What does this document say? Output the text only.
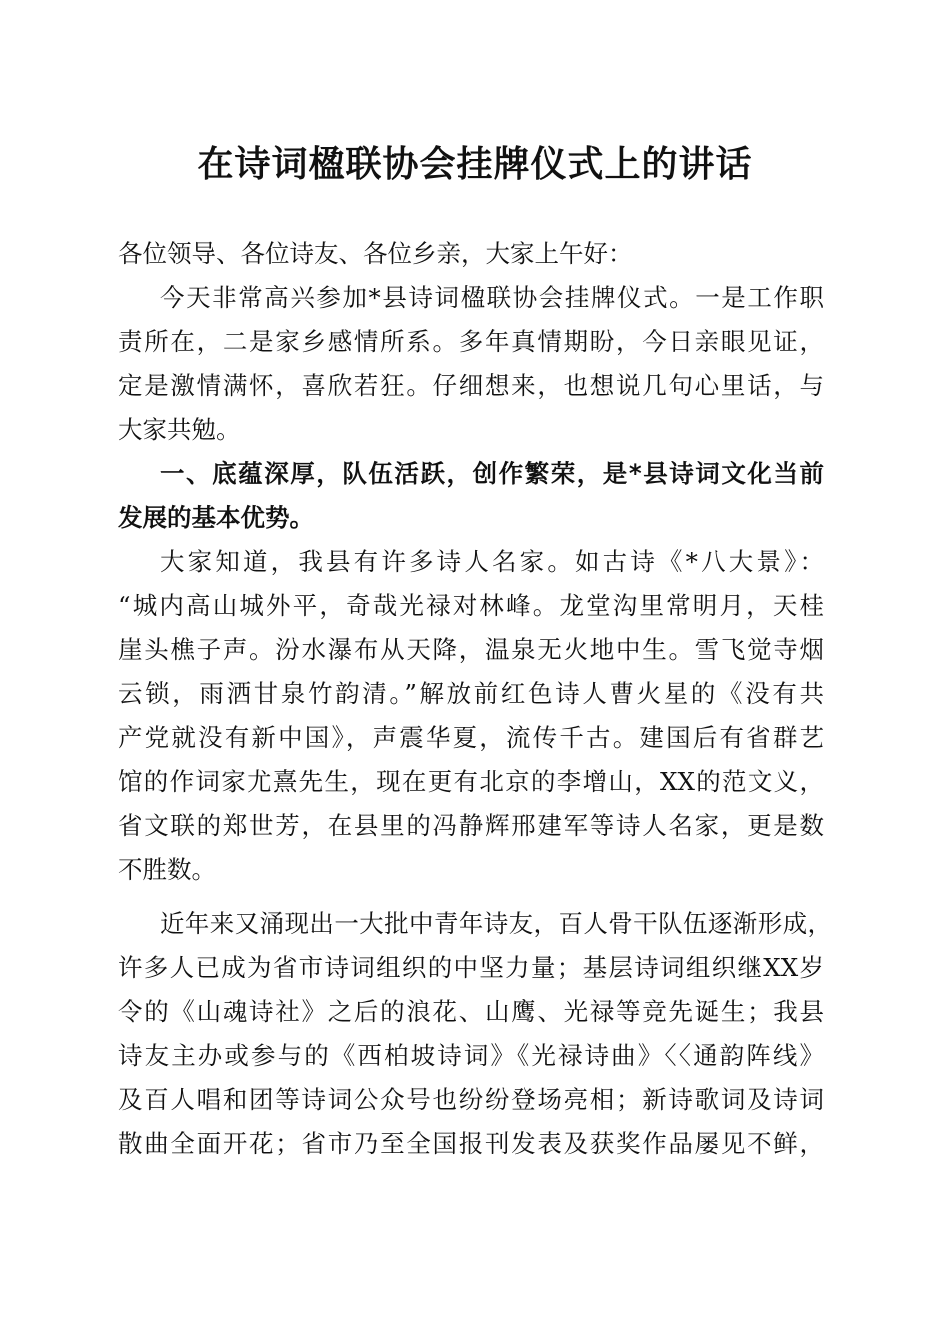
在诗词楹联协会挂牌仪式上的讲话
各位领导、各位诗友、各位乡亲，大家上午好：
今天非常高兴参加*县诗词楹联协会挂牌仪式。一是工作职
责所在，二是家乡感情所系。多年真情期盼，今日亲眼见证，
定是激情满怀，喜欣若狂。仔细想来，也想说几句心里话，与
大家共勉。
一、底蕴深厚，队伍活跃，创作繁荣，是*县诗词文化当前
发展的基本优势。
大家知道，我县有许多诗人名家。如古诗《*八大景》：
“城内高山城外平，奇哉光禄对林峰。龙堂沟里常明月，天桂
崖头樵子声。汾水瀑布从天降，温泉无火地中生。雪飞觉寺烟
云锁，雨洒甘泉竹韵清。”解放前红色诗人曹火星的《没有共
产党就没有新中国》，声震华夏，流传千古。建国后有省群艺
馆的作词家尤熹先生，现在更有北京的李增山，XX的范文义，
省文联的郑世芳，在县里的冯静辉邢建军等诗人名家，更是数
不胜数。
近年来又涌现出一大批中青年诗友，百人骨干队伍逐渐形成，
许多人已成为省市诗词组织的中坚力量；基层诗词组织继XX岁
令的《山魂诗社》之后的浪花、山鹰、光禄等竞先诞生；我县
诗友主办或参与的《西柏坡诗词》《光禄诗曲》〈〈通韵阵线》
及百人唱和团等诗词公众号也纷纷登场亮相；新诗歌词及诗词
散曲全面开花；省市乃至全国报刊发表及获奖作品屡见不鲜，
